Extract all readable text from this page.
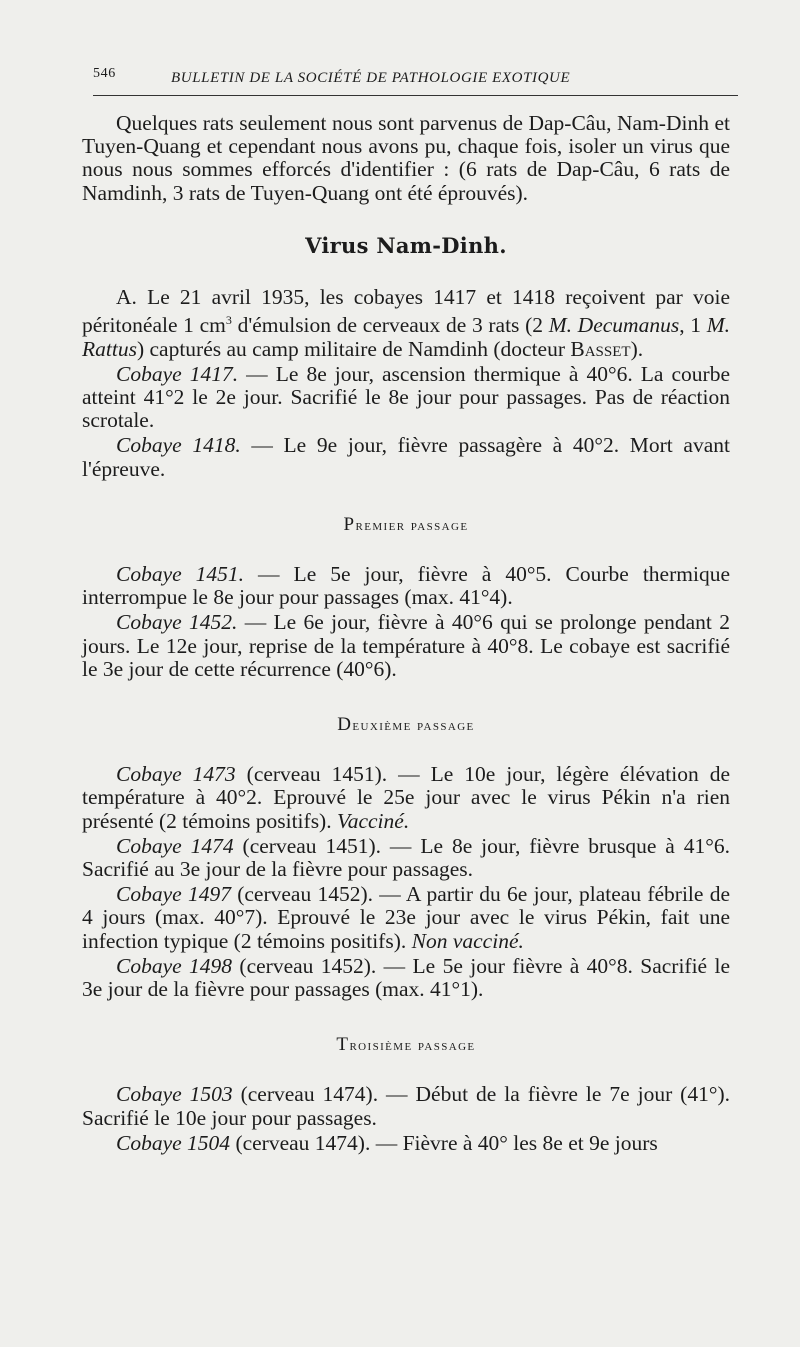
546	BULLETIN DE LA SOCIÉTÉ DE PATHOLOGIE EXOTIQUE

Quelques rats seulement nous sont parvenus de Dap-Câu, Nam-Dinh et Tuyen-Quang et cependant nous avons pu, chaque fois, isoler un virus que nous nous sommes efforcés d'identifier : (6 rats de Dap-Câu, 6 rats de Namdinh, 3 rats de Tuyen-Quang ont été éprouvés).

Virus Nam-Dinh.

A. Le 21 avril 1935, les cobayes 1417 et 1418 reçoivent par voie péritonéale 1 $cm^3$ d'émulsion de cerveaux de 3 rats (2 M. Decumanus, 1 M. Rattus) capturés au camp militaire de Namdinh (docteur Basset).

Cobaye 1417. — Le 8e jour, ascension thermique à 40°6. La courbe atteint 41°2 le 2e jour. Sacrifié le 8e jour pour passages. Pas de réaction scrotale.

Cobaye 1418. — Le 9e jour, fièvre passagère à 40°2. Mort avant l'épreuve.

Premier passage

Cobaye 1451. — Le 5e jour, fièvre à 40°5. Courbe thermique interrompue le 8e jour pour passages (max. 41°4).

Cobaye 1452. — Le 6e jour, fièvre à 40°6 qui se prolonge pendant 2 jours. Le 12e jour, reprise de la température à 40°8. Le cobaye est sacrifié le 3e jour de cette récurrence (40°6).

Deuxième passage

Cobaye 1473 (cerveau 1451). — Le 10e jour, légère élévation de température à 40°2. Eprouvé le 25e jour avec le virus Pékin n'a rien présenté (2 témoins positifs). Vacciné.

Cobaye 1474 (cerveau 1451). — Le 8e jour, fièvre brusque à 41°6. Sacrifié au 3e jour de la fièvre pour passages.

Cobaye 1497 (cerveau 1452). — A partir du 6e jour, plateau fébrile de 4 jours (max. 40°7). Eprouvé le 23e jour avec le virus Pékin, fait une infection typique (2 témoins positifs). Non vacciné.

Cobaye 1498 (cerveau 1452). — Le 5e jour fièvre à 40°8. Sacrifié le 3e jour de la fièvre pour passages (max. 41°1).

Troisième passage

Cobaye 1503 (cerveau 1474). — Début de la fièvre le 7e jour (41°). Sacrifié le 10e jour pour passages.

Cobaye 1504 (cerveau 1474). — Fièvre à 40° les 8e et 9e jours
